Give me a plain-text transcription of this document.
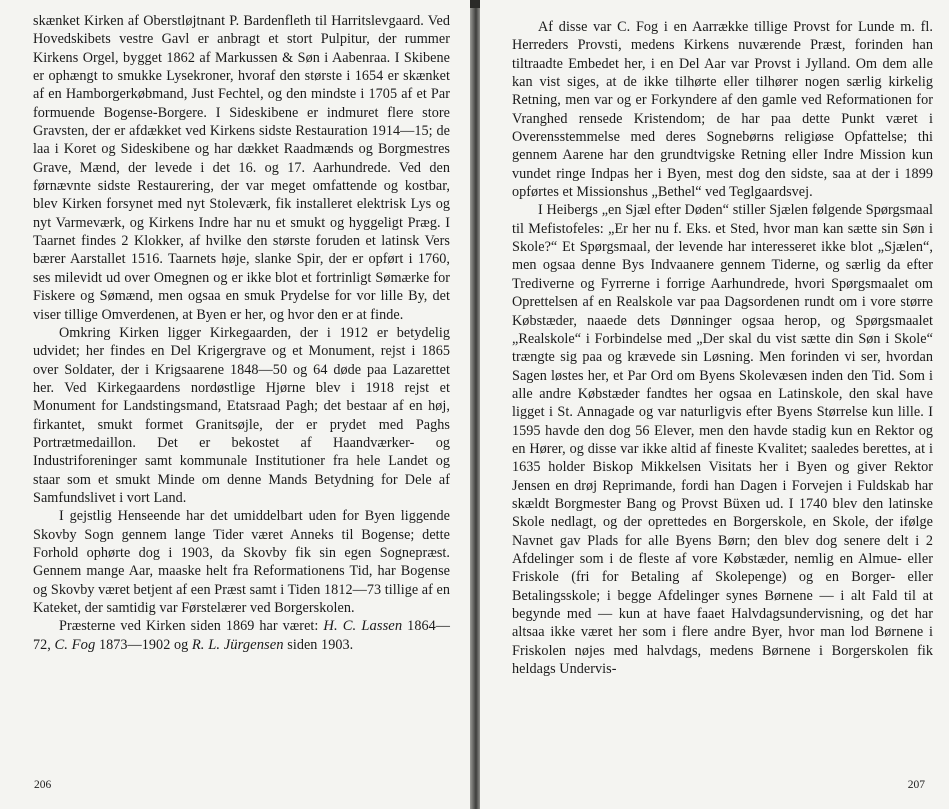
skænket Kirken af Oberstløjtnant P. Bardenfleth til Harritslevgaard. Ved Hovedskibets vestre Gavl er anbragt et stort Pulpitur, der rummer Kirkens Orgel, bygget 1862 af Markussen & Søn i Aabenraa. I Skibene er ophængt to smukke Lysekroner, hvoraf den største i 1654 er skænket af en Hamborgerkøbmand, Just Fechtel, og den mindste i 1705 af et Par formuende Bogense-Borgere. I Sideskibene er indmuret flere store Gravsten, der er afdækket ved Kirkens sidste Restauration 1914—15; de laa i Koret og Sideskibene og har dækket Raadmænds og Borgmestres Grave, Mænd, der levede i det 16. og 17. Aarhundrede. Ved den førnævnte sidste Restaurering, der var meget omfattende og kostbar, blev Kirken forsynet med nyt Stoleværk, fik installeret elektrisk Lys og nyt Varmeværk, og Kirkens Indre har nu et smukt og hyggeligt Præg. I Taarnet findes 2 Klokker, af hvilke den største foruden et latinsk Vers bærer Aarstallet 1516. Taarnets høje, slanke Spir, der er opført i 1760, ses milevidt ud over Omegnen og er ikke blot et fortrinligt Sømærke for Fiskere og Sømænd, men ogsaa en smuk Prydelse for vor lille By, det viser tillige Omverdenen, at Byen er her, og hvor den er at finde.

Omkring Kirken ligger Kirkegaarden, der i 1912 er betydelig udvidet; her findes en Del Krigergrave og et Monument, rejst i 1865 over Soldater, der i Krigsaarene 1848—50 og 64 døde paa Lazarettet her. Ved Kirkegaardens nordøstlige Hjørne blev i 1918 rejst et Monument for Landstingsmand, Etatsraad Pagh; det bestaar af en høj, firkantet, smukt formet Granitsøjle, der er prydet med Paghs Portrætmedaillon. Det er bekostet af Haandværker- og Industriforeninger samt kommunale Institutioner fra hele Landet og staar som et smukt Minde om denne Mands Betydning for Dele af Samfundslivet i vort Land.

I gejstlig Henseende har det umiddelbart uden for Byen liggende Skovby Sogn gennem lange Tider været Anneks til Bogense; dette Forhold ophørte dog i 1903, da Skovby fik sin egen Sognepræst. Gennem mange Aar, maaske helt fra Reformationens Tid, har Bogense og Skovby været betjent af een Præst samt i Tiden 1812—73 tillige af en Kateket, der samtidig var Førstelærer ved Borgerskolen.

Præsterne ved Kirken siden 1869 har været: H. C. Lassen 1864—72, C. Fog 1873—1902 og R. L. Jürgensen siden 1903.

206

Af disse var C. Fog i en Aarrække tillige Provst for Lunde m. fl. Herreders Provsti, medens Kirkens nuværende Præst, forinden han tiltraadte Embedet her, i en Del Aar var Provst i Jylland. Om dem alle kan vist siges, at de ikke tilhørte eller tilhører nogen særlig kirkelig Retning, men var og er Forkyndere af den gamle ved Reformationen for Vranghed rensede Kristendom; de har paa dette Punkt været i Overensstemmelse med deres Sognebørns religiøse Opfattelse; thi gennem Aarene har den grundtvigske Retning eller Indre Mission kun vundet ringe Indpas her i Byen, mest dog den sidste, saa at der i 1899 opførtes et Missionshus „Bethel“ ved Teglgaardsvej.

I Heibergs „en Sjæl efter Døden“ stiller Sjælen følgende Spørgsmaal til Mefistofeles: „Er her nu f. Eks. et Sted, hvor man kan sætte sin Søn i Skole?“ Et Spørgsmaal, der levende har interesseret ikke blot „Sjælen“, men ogsaa denne Bys Indvaanere gennem Tiderne, og særlig da efter Trediverne og Fyrrerne i forrige Aarhundrede, hvori Spørgsmaalet om Oprettelsen af en Realskole var paa Dagsordenen rundt om i vore større Købstæder, naaede dets Dønninger ogsaa herop, og Spørgsmaalet „Realskole“ i Forbindelse med „Der skal du vist sætte din Søn i Skole“ trængte sig paa og krævede sin Løsning. Men forinden vi ser, hvordan Sagen løstes her, et Par Ord om Byens Skolevæsen inden den Tid. Som i alle andre Købstæder fandtes her ogsaa en Latinskole, den skal have ligget i St. Annagade og var naturligvis efter Byens Størrelse kun lille. I 1595 havde den dog 56 Elever, men den havde stadig kun en Rektor og en Hører, og disse var ikke altid af fineste Kvalitet; saaledes berettes, at i 1635 holder Biskop Mikkelsen Visitats her i Byen og giver Rektor Jensen en drøj Reprimande, fordi han Dagen i Forvejen i Fuldskab har skældt Borgmester Bang og Provst Büxen ud. I 1740 blev den latinske Skole nedlagt, og der oprettedes en Borgerskole, en Skole, der ifølge Navnet gav Plads for alle Byens Børn; den blev dog senere delt i 2 Afdelinger som i de fleste af vore Købstæder, nemlig en Almue- eller Friskole (fri for Betaling af Skolepenge) og en Borger- eller Betalingsskole; i begge Afdelinger synes Børnene — i alt Fald til at begynde med — kun at have faaet Halvdagsundervisning, og det har altsaa ikke været her som i flere andre Byer, hvor man lod Børnene i Friskolen nøjes med halvdags, medens Børnene i Borgerskolen fik heldags Undervis-

207
